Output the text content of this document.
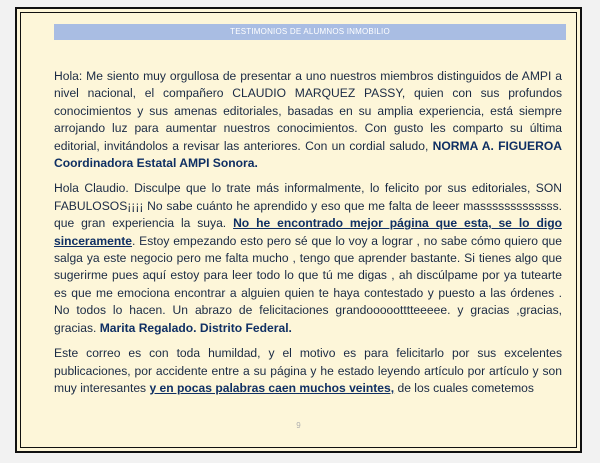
TESTIMONIOS DE ALUMNOS INMOBILIO

Hola: Me siento muy orgullosa de presentar a uno nuestros miembros distinguidos de AMPI a nivel nacional, el compañero CLAUDIO MARQUEZ PASSY, quien con sus profundos conocimientos y sus amenas editoriales, basadas en su amplia experiencia, está siempre arrojando luz para aumentar nuestros conocimientos. Con gusto les comparto su última editorial, invitándolos a revisar las anteriores. Con un cordial saludo, NORMA A. FIGUEROA Coordinadora Estatal AMPI Sonora.

Hola Claudio. Disculpe que lo trate más informalmente, lo felicito por sus editoriales, SON FABULOSOS¡¡¡¡ No sabe cuánto he aprendido y eso que me falta de leeer masssssssssssss. que gran experiencia la suya. No he encontrado mejor página que esta, se lo digo sinceramente. Estoy empezando esto pero sé que lo voy a lograr , no sabe cómo quiero que salga ya este negocio pero me falta mucho , tengo que aprender bastante. Si tienes algo que sugerirme pues aquí estoy para leer todo lo que tú me digas , ah discúlpame por ya tutearte es que me emociona encontrar a alguien quien te haya contestado y puesto a las órdenes . No todos lo hacen. Un abrazo de felicitaciones grandoooootttteeeee. y gracias ,gracias, gracias. Marita Regalado. Distrito Federal.

Este correo es con toda humildad, y el motivo es para felicitarlo por sus excelentes publicaciones, por accidente entre a su página y he estado leyendo artículo por artículo y son muy interesantes y en pocas palabras caen muchos veintes, de los cuales cometemos

9
